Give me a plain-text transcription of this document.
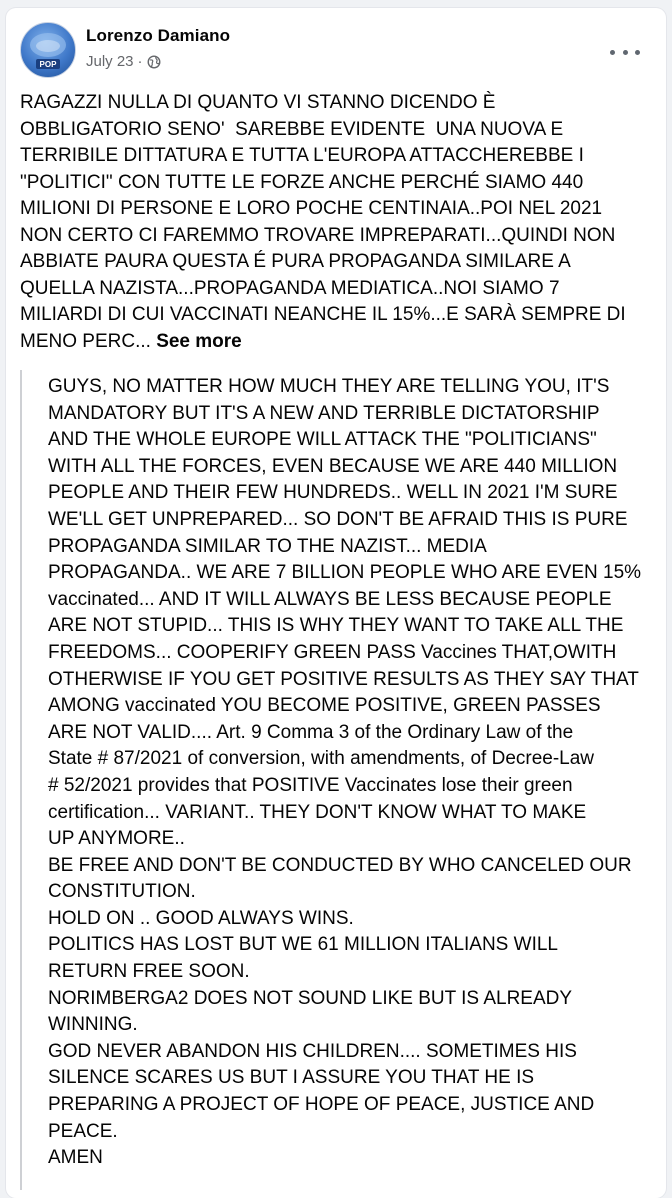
POP
Lorenzo Damiano
July 23 ·
RAGAZZI NULLA DI QUANTO VI STANNO DICENDO È
OBBLIGATORIO SENO'  SAREBBE EVIDENTE  UNA NUOVA E
TERRIBILE DITTATURA E TUTTA L'EUROPA ATTACCHEREBBE I
"POLITICI" CON TUTTE LE FORZE ANCHE PERCHÉ SIAMO 440
MILIONI DI PERSONE E LORO POCHE CENTINAIA..POI NEL 2021
NON CERTO CI FAREMMO TROVARE IMPREPARATI...QUINDI NON
ABBIATE PAURA QUESTA É PURA PROPAGANDA SIMILARE A
QUELLA NAZISTA...PROPAGANDA MEDIATICA..NOI SIAMO 7
MILIARDI DI CUI VACCINATI NEANCHE IL 15%...E SARÀ SEMPRE DI
MENO PERC... See more
GUYS, NO MATTER HOW MUCH THEY ARE TELLING YOU, IT'S
MANDATORY BUT IT'S A NEW AND TERRIBLE DICTATORSHIP
AND THE WHOLE EUROPE WILL ATTACK THE "POLITICIANS"
WITH ALL THE FORCES, EVEN BECAUSE WE ARE 440 MILLION
PEOPLE AND THEIR FEW HUNDREDS.. WELL IN 2021 I'M SURE
WE'LL GET UNPREPARED... SO DON'T BE AFRAID THIS IS PURE
PROPAGANDA SIMILAR TO THE NAZIST... MEDIA
PROPAGANDA.. WE ARE 7 BILLION PEOPLE WHO ARE EVEN 15%
vaccinated... AND IT WILL ALWAYS BE LESS BECAUSE PEOPLE
ARE NOT STUPID... THIS IS WHY THEY WANT TO TAKE ALL THE
FREEDOMS... COOPERIFY GREEN PASS Vaccines THAT,OWITH
OTHERWISE IF YOU GET POSITIVE RESULTS AS THEY SAY THAT
AMONG vaccinated YOU BECOME POSITIVE, GREEN PASSES
ARE NOT VALID.... Art. 9 Comma 3 of the Ordinary Law of the
State # 87/2021 of conversion, with amendments, of Decree-Law
# 52/2021 provides that POSITIVE Vaccinates lose their green
certification... VARIANT.. THEY DON'T KNOW WHAT TO MAKE
UP ANYMORE..
BE FREE AND DON'T BE CONDUCTED BY WHO CANCELED OUR
CONSTITUTION.
HOLD ON .. GOOD ALWAYS WINS.
POLITICS HAS LOST BUT WE 61 MILLION ITALIANS WILL
RETURN FREE SOON.
NORIMBERGA2 DOES NOT SOUND LIKE BUT IS ALREADY
WINNING.
GOD NEVER ABANDON HIS CHILDREN.... SOMETIMES HIS
SILENCE SCARES US BUT I ASSURE YOU THAT HE IS
PREPARING A PROJECT OF HOPE OF PEACE, JUSTICE AND
PEACE.
AMEN
